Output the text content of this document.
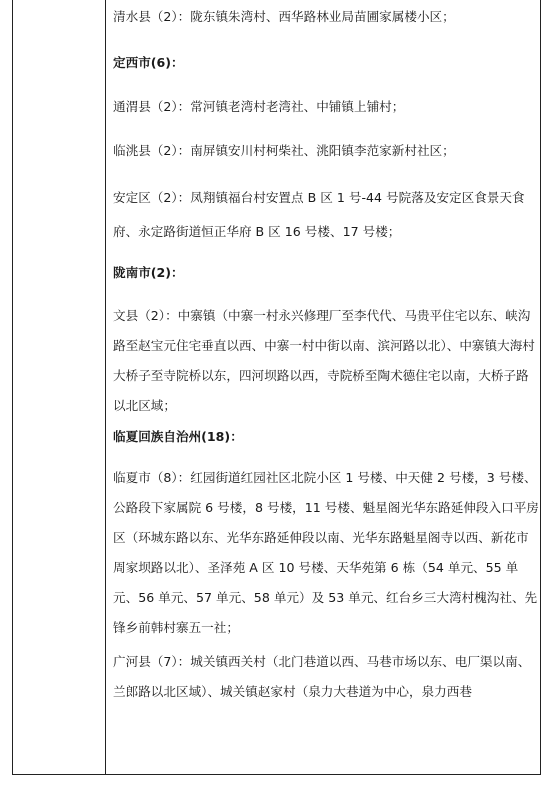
清水县（2）：陇东镇朱湾村、西华路林业局苗圃家属楼小区；

定西市(6)：

通渭县（2）：常河镇老湾村老湾社、中铺镇上铺村；

临洮县（2）：南屏镇安川村柯柴社、洮阳镇李范家新村社区；

安定区（2）：凤翔镇福台村安置点 B 区 1 号-44 号院落及安定区食景天食府、永定路街道恒正华府 B 区 16 号楼、17 号楼；

陇南市(2)：

文县（2）：中寨镇（中寨一村永兴修理厂至李代代、马贵平住宅以东、峡沟路至赵宝元住宅垂直以西、中寨一村中街以南、滨河路以北）、中寨镇大海村大桥子至寺院桥以东，四河坝路以西，寺院桥至陶术德住宅以南，大桥子路以北区域；

临夏回族自治州(18)：

临夏市（8）：红园街道红园社区北院小区 1 号楼、中天健 2 号楼，3 号楼、公路段下家属院 6 号楼，8 号楼，11 号楼、魁星阁光华东路延伸段入口平房区（环城东路以东、光华东路延伸段以南、光华东路魁星阁寺以西、新花市周家坝路以北）、圣泽苑 A 区 10 号楼、天华苑第 6 栋（54 单元、55 单元、56 单元、57 单元、58 单元）及 53 单元、红台乡三大湾村槐沟社、先锋乡前韩村寨五一社；

广河县（7）：城关镇西关村（北门巷道以西、马巷市场以东、电厂渠以南、兰郎路以北区域）、城关镇赵家村（泉力大巷道为中心，泉力西巷
